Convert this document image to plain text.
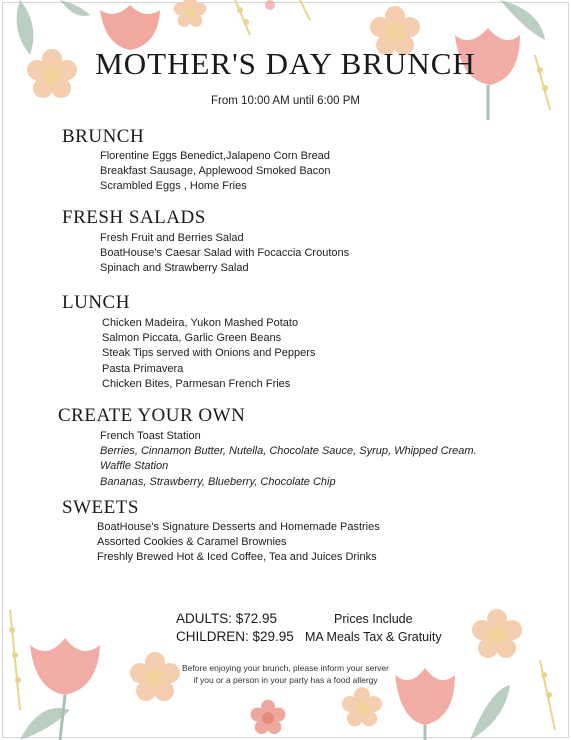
MOTHER'S DAY BRUNCH
From 10:00 AM until 6:00 PM
BRUNCH
Florentine Eggs Benedict,Jalapeno Corn Bread
Breakfast Sausage, Applewood Smoked Bacon
Scrambled Eggs , Home Fries
FRESH SALADS
Fresh Fruit and Berries Salad
BoatHouse's Caesar Salad with Focaccia Croutons
Spinach and Strawberry Salad
LUNCH
Chicken Madeira, Yukon Mashed Potato
Salmon Piccata, Garlic Green Beans
Steak Tips served with Onions and Peppers
Pasta Primavera
Chicken Bites, Parmesan French Fries
CREATE YOUR OWN
French Toast Station
Berries, Cinnamon Butter, Nutella, Chocolate Sauce, Syrup, Whipped Cream.
Waffle Station
Bananas, Strawberry, Blueberry, Chocolate Chip
SWEETS
BoatHouse's Signature Desserts and Homemade Pastries
Assorted Cookies & Caramel Brownies
Freshly Brewed Hot & Iced Coffee, Tea and Juices Drinks
ADULTS: $72.95
CHILDREN: $29.95
Prices Include
MA Meals Tax & Gratuity
Before enjoying your brunch, please inform your server
if you or a person in your party has a food allergy
